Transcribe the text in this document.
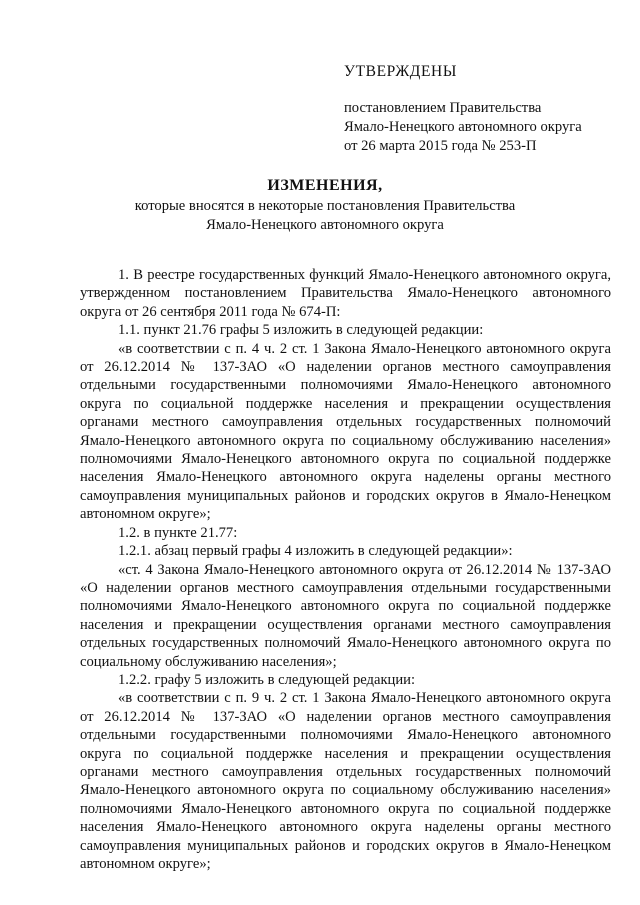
УТВЕРЖДЕНЫ
постановлением Правительства
Ямало-Ненецкого автономного округа
от 26 марта 2015 года № 253-П
ИЗМЕНЕНИЯ,
которые вносятся в некоторые постановления Правительства
Ямало-Ненецкого автономного округа

1. В реестре государственных функций Ямало-Ненецкого автономного округа, утвержденном постановлением Правительства Ямало-Ненецкого автономного округа от 26 сентября 2011 года № 674-П:

1.1. пункт 21.76 графы 5 изложить в следующей редакции:

«в соответствии с п. 4 ч. 2 ст. 1 Закона Ямало-Ненецкого автономного округа от 26.12.2014 № 137-ЗАО «О наделении органов местного самоуправления отдельными государственными полномочиями Ямало-Ненецкого автономного округа по социальной поддержке населения и прекращении осуществления органами местного самоуправления отдельных государственных полномочий Ямало-Ненецкого автономного округа по социальному обслуживанию населения» полномочиями Ямало-Ненецкого автономного округа по социальной поддержке населения Ямало-Ненецкого автономного округа наделены органы местного самоуправления муниципальных районов и городских округов в Ямало-Ненецком автономном округе»;

1.2. в пункте 21.77:

1.2.1. абзац первый графы 4 изложить в следующей редакции»:

«ст. 4 Закона Ямало-Ненецкого автономного округа от 26.12.2014 № 137-ЗАО «О наделении органов местного самоуправления отдельными государственными полномочиями Ямало-Ненецкого автономного округа по социальной поддержке населения и прекращении осуществления органами местного самоуправления отдельных государственных полномочий Ямало-Ненецкого автономного округа по социальному обслуживанию населения»;

1.2.2. графу 5 изложить в следующей редакции:

«в соответствии с п. 9 ч. 2 ст. 1 Закона Ямало-Ненецкого автономного округа от 26.12.2014 № 137-ЗАО «О наделении органов местного самоуправления отдельными государственными полномочиями Ямало-Ненецкого автономного округа по социальной поддержке населения и прекращении осуществления органами местного самоуправления отдельных государственных полномочий Ямало-Ненецкого автономного округа по социальному обслуживанию населения» полномочиями Ямало-Ненецкого автономного округа по социальной поддержке населения Ямало-Ненецкого автономного округа наделены органы местного самоуправления муниципальных районов и городских округов в Ямало-Ненецком автономном округе»;
